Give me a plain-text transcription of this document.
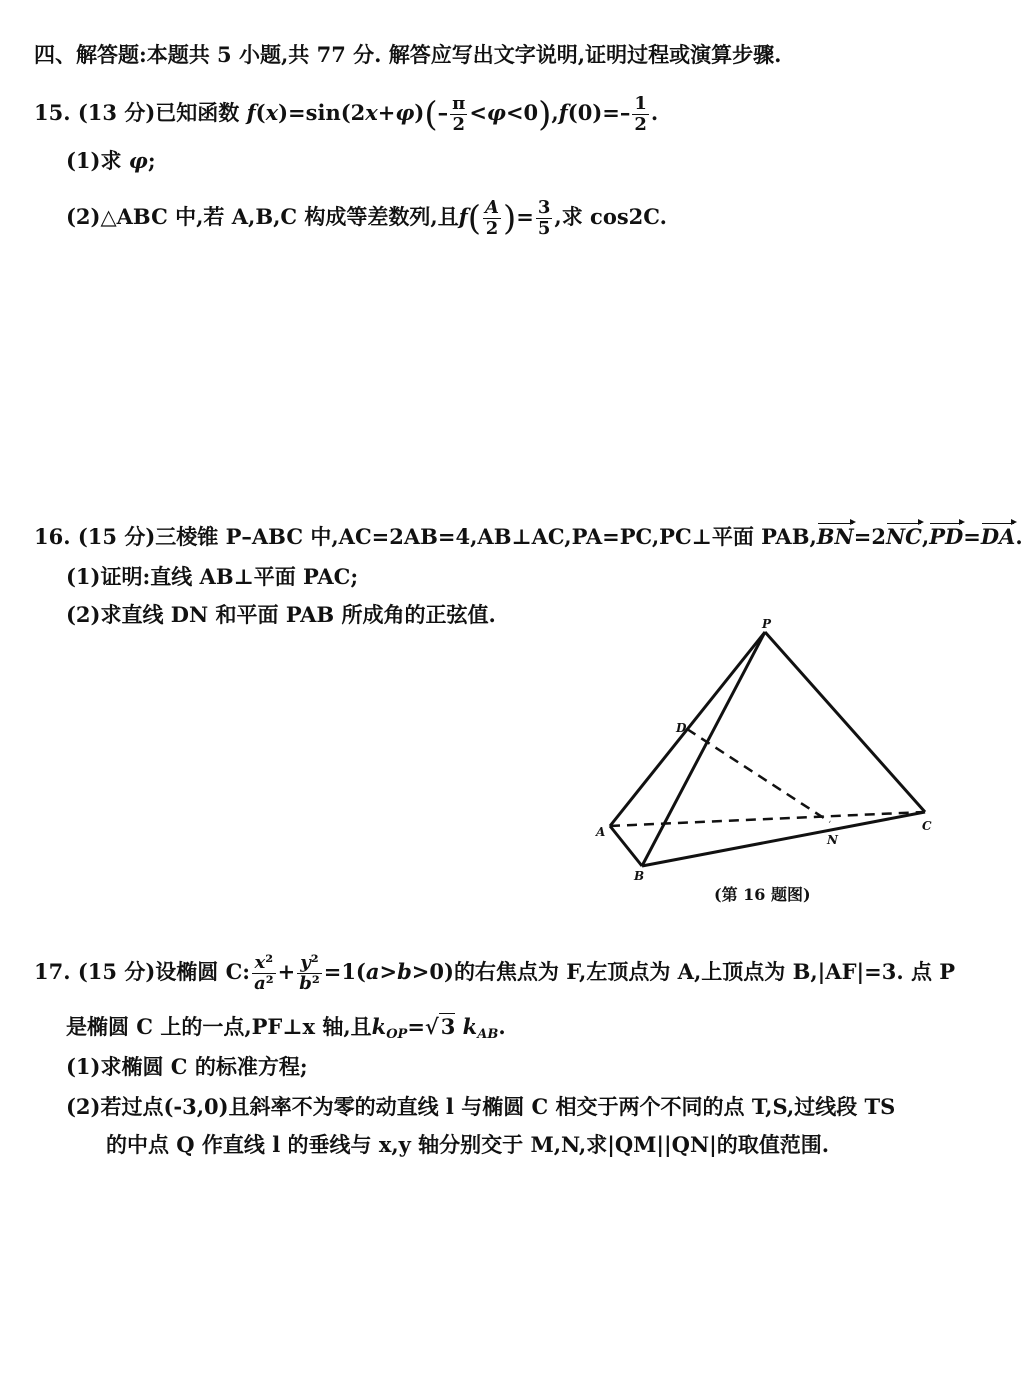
四、解答题:本题共 5 小题,共 77 分. 解答应写出文字说明,证明过程或演算步骤.
15. (13 分)已知函数 $f(x)=\sin(2x+\varphi)(- \frac{\pi}{2} <\varphi<0),f(0)=- \frac{1}{2}$ .
(1)求 φ;
(2)△ABC 中,若 A,B,C 构成等差数列,且$f( \frac{A}{2}$ )= $\frac{3}{5}$ ,求 cos2C.
16. (15 分)三棱锥 P–ABC 中,AC=2AB=4,AB⊥AC,PA=PC,PC⊥平面 PAB,BN=2NC,PD=DA.
(1)证明:直线 AB⊥平面 PAC;
(2)求直线 DN 和平面 PAB 所成角的正弦值.	P
D
A
B
C
N
(第 16 题图)
17. (15 分)设椭圆 C: $\frac{\text{x²}}{\text{a²}} + \frac{\text{y²}}{\text{b²}} =1(a>b>0)$的右焦点为 F,左顶点为 A,上顶点为 B,|AF|=3. 点 P
是椭圆 C 上的一点,PF⊥x 轴,且$k_{OP}=√3$ $k_{AB}$.
(1)求椭圆 C 的标准方程;
(2)若过点(-3,0)且斜率不为零的动直线 l 与椭圆 C 相交于两个不同的点 T,S,过线段 TS
的中点 Q 作直线 l 的垂线与 x,y 轴分别交于 M,N,求|QM||QN|的取值范围.
